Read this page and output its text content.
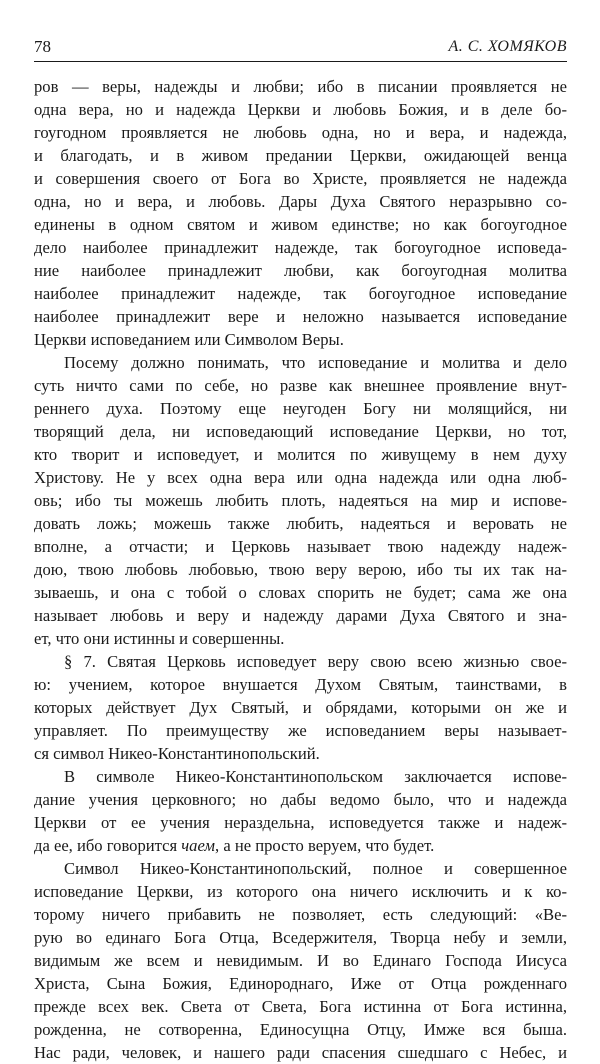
78	А. С. ХОМЯКОВ
ров — веры, надежды и любви; ибо в писании проявляется не
одна вера, но и надежда Церкви и любовь Божия, и в деле бо-
гоугодном проявляется не любовь одна, но и вера, и надежда,
и благодать, и в живом предании Церкви, ожидающей венца
и совершения своего от Бога во Христе, проявляется не надежда
одна, но и вера, и любовь. Дары Духа Святого неразрывно со-
единены в одном святом и живом единстве; но как богоугодное
дело наиболее принадлежит надежде, так богоугодное исповеда-
ние наиболее принадлежит любви, как богоугодная молитва
наиболее принадлежит надежде, так богоугодное исповедание
наиболее принадлежит вере и неложно называется исповедание
Церкви исповеданием или Символом Веры.
Посему должно понимать, что исповедание и молитва и дело
суть ничто сами по себе, но разве как внешнее проявление внут-
реннего духа. Поэтому еще неугоден Богу ни молящийся, ни
творящий дела, ни исповедающий исповедание Церкви, но тот,
кто творит и исповедует, и молится по живущему в нем духу
Христову. Не у всех одна вера или одна надежда или одна люб-
овь; ибо ты можешь любить плоть, надеяться на мир и испове-
довать ложь; можешь также любить, надеяться и веровать не
вполне, а отчасти; и Церковь называет твою надежду надеж-
дою, твою любовь любовью, твою веру верою, ибо ты их так на-
зываешь, и она с тобой о словах спорить не будет; сама же она
называет любовь и веру и надежду дарами Духа Святого и зна-
ет, что они истинны и совершенны.
§ 7. Святая Церковь исповедует веру свою всею жизнью свое-
ю: учением, которое внушается Духом Святым, таинствами, в
которых действует Дух Святый, и обрядами, которыми он же и
управляет. По преимуществу же исповеданием веры называет-
ся символ Никео-Константинопольский.
В символе Никео-Константинопольском заключается испове-
дание учения церковного; но дабы ведомо было, что и надежда
Церкви от ее учения нераздельна, исповедуется также и надеж-
да ее, ибо говорится чаем, а не просто веруем, что будет.
Символ Никео-Константинопольский, полное и совершенное
исповедание Церкви, из которого она ничего исключить и к ко-
торому ничего прибавить не позволяет, есть следующий: «Ве-
рую во единаго Бога Отца, Вседержителя, Творца небу и земли,
видимым же всем и невидимым. И во Единаго Господа Иисуса
Христа, Сына Божия, Единороднаго, Иже от Отца рожденнаго
прежде всех век. Света от Света, Бога истинна от Бога истинна,
рожденна, не сотворенна, Единосущна Отцу, Имже вся быша.
Нас ради, человек, и нашего ради спасения сшедшаго с Небес, и
